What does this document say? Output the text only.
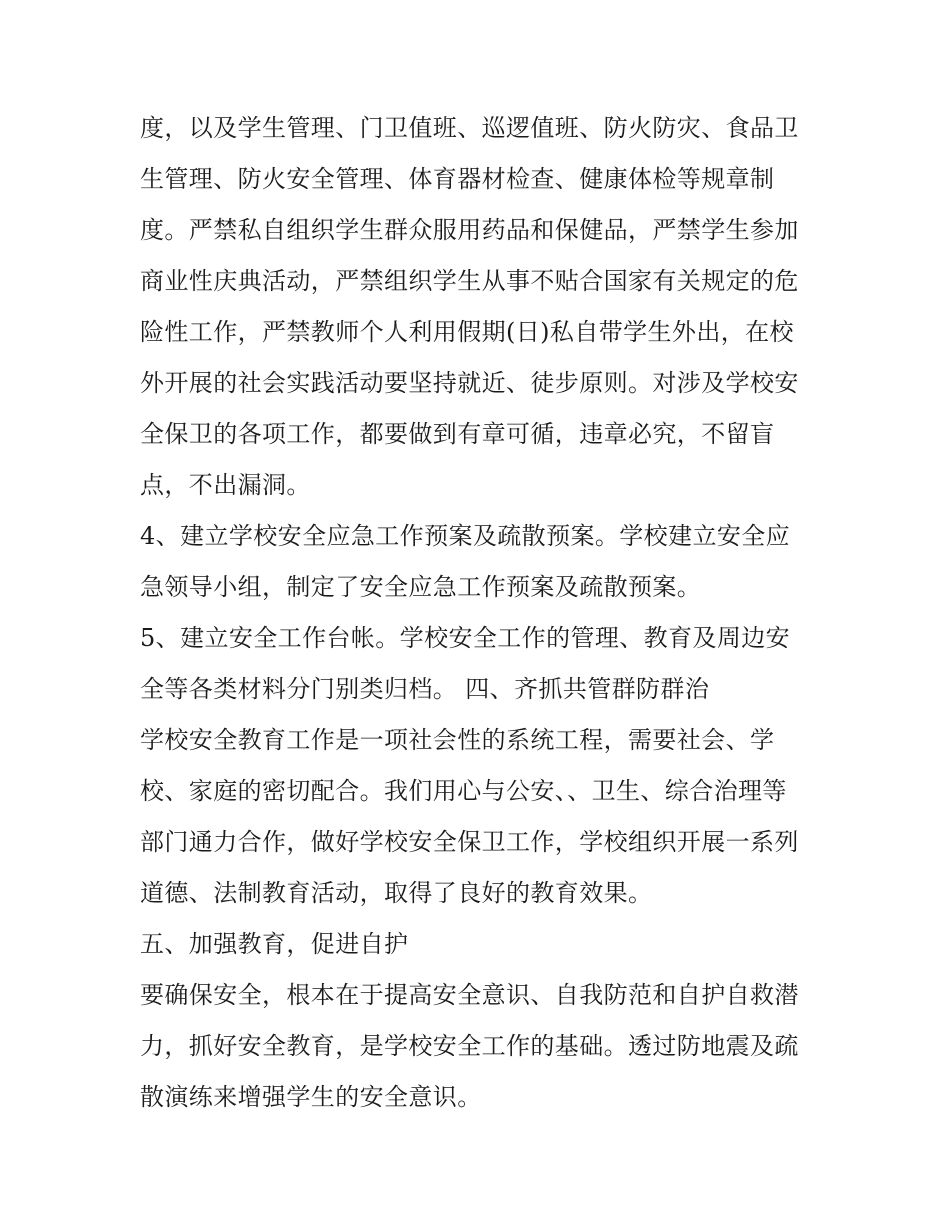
度，以及学生管理、门卫值班、巡逻值班、防火防灾、食品卫
生管理、防火安全管理、体育器材检查、健康体检等规章制
度。严禁私自组织学生群众服用药品和保健品，严禁学生参加
商业性庆典活动，严禁组织学生从事不贴合国家有关规定的危
险性工作，严禁教师个人利用假期(日)私自带学生外出，在校
外开展的社会实践活动要坚持就近、徒步原则。对涉及学校安
全保卫的各项工作，都要做到有章可循，违章必究，不留盲
点，不出漏洞。
4、建立学校安全应急工作预案及疏散预案。学校建立安全应
急领导小组，制定了安全应急工作预案及疏散预案。
5、建立安全工作台帐。学校安全工作的管理、教育及周边安
全等各类材料分门别类归档。 四、齐抓共管群防群治
学校安全教育工作是一项社会性的系统工程，需要社会、学
校、家庭的密切配合。我们用心与公安、、卫生、综合治理等
部门通力合作，做好学校安全保卫工作，学校组织开展一系列
道德、法制教育活动，取得了良好的教育效果。
五、加强教育，促进自护
要确保安全，根本在于提高安全意识、自我防范和自护自救潜
力，抓好安全教育，是学校安全工作的基础。透过防地震及疏
散演练来增强学生的安全意识。
